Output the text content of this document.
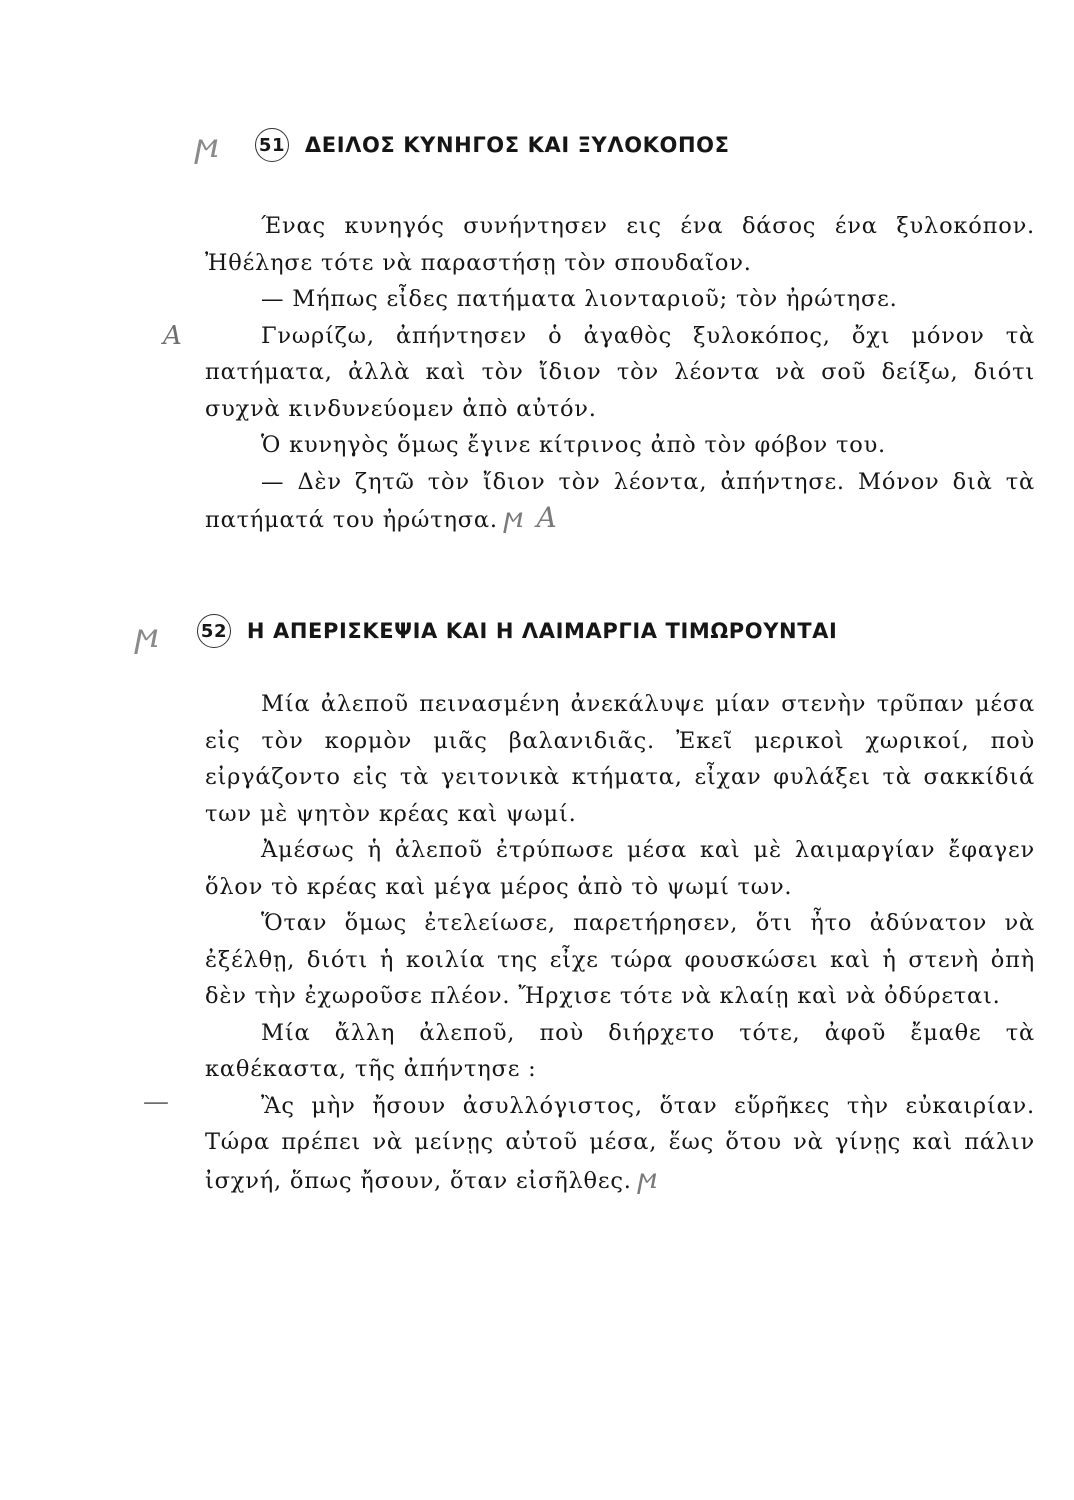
ϻ 51 ΔΕΙΛΟΣ ΚΥΝΗΓΟΣ ΚΑΙ ΞΥΛΟΚΟΠΟΣ

Ένας κυνηγός συνήντησεν εις ένα δάσος ένα ξυλοκόπον. Ἠθέλησε τότε νὰ παραστήσῃ τὸν σπουδαῖον.

— Μήπως εἶδες πατήματα λιονταριοῦ; τὸν ἠρώτησε.

A	Γνωρίζω, ἀπήντησεν ὁ ἀγαθὸς ξυλοκόπος, ὄχι μόνον τὰ πατήματα, ἀλλὰ καὶ τὸν ἴδιον τὸν λέοντα νὰ σοῦ δείξω, διότι συχνὰ κινδυνεύομεν ἀπὸ αὐτόν.

Ὁ κυνηγὸς ὅμως ἔγινε κίτρινος ἀπὸ τὸν φόβον του.

— Δὲν ζητῶ τὸν ἴδιον τὸν λέοντα, ἀπήντησε. Μόνον διὰ τὰ πατήματά του ἠρώτησα. ϻ A

ϻ 52 Η ΑΠΕΡΙΣΚΕΨΙΑ ΚΑΙ Η ΛΑΙΜΑΡΓΙΑ ΤΙΜΩΡΟΥΝΤΑΙ

Μία ἀλεποῦ πεινασμένη ἀνεκάλυψε μίαν στενὴν τρῦπαν μέσα εἰς τὸν κορμὸν μιᾶς βαλανιδιᾶς. Ἐκεῖ μερικοὶ χωρικοί, ποὺ εἰργάζοντο εἰς τὰ γειτονικὰ κτήματα, εἶχαν φυλάξει τὰ σακκίδιά των μὲ ψητὸν κρέας καὶ ψωμί.

Ἀμέσως ἡ ἀλεποῦ ἐτρύπωσε μέσα καὶ μὲ λαιμαργίαν ἔφαγεν ὅλον τὸ κρέας καὶ μέγα μέρος ἀπὸ τὸ ψωμί των.

Ὅταν ὅμως ἐτελείωσε, παρετήρησεν, ὅτι ἦτο ἀδύνατον νὰ ἐξέλθῃ, διότι ἡ κοιλία της εἶχε τώρα φουσκώσει καὶ ἡ στενὴ ὀπὴ δὲν τὴν ἐχωροῦσε πλέον. Ἤρχισε τότε νὰ κλαίῃ καὶ νὰ ὀδύρεται.

Μία ἄλλη ἀλεποῦ, ποὺ διήρχετο τότε, ἀφοῦ ἔμαθε τὰ καθέκαστα, τῆς ἀπήντησε :

—	Ἂς μὴν ἤσουν ἀσυλλόγιστος, ὅταν εὕρῆκες τὴν εὐκαιρίαν. Τώρα πρέπει νὰ μείνῃς αὐτοῦ μέσα, ἕως ὅτου νὰ γίνῃς καὶ πάλιν ἰσχνή, ὅπως ἤσουν, ὅταν εἰσῆλθες. ϻ
